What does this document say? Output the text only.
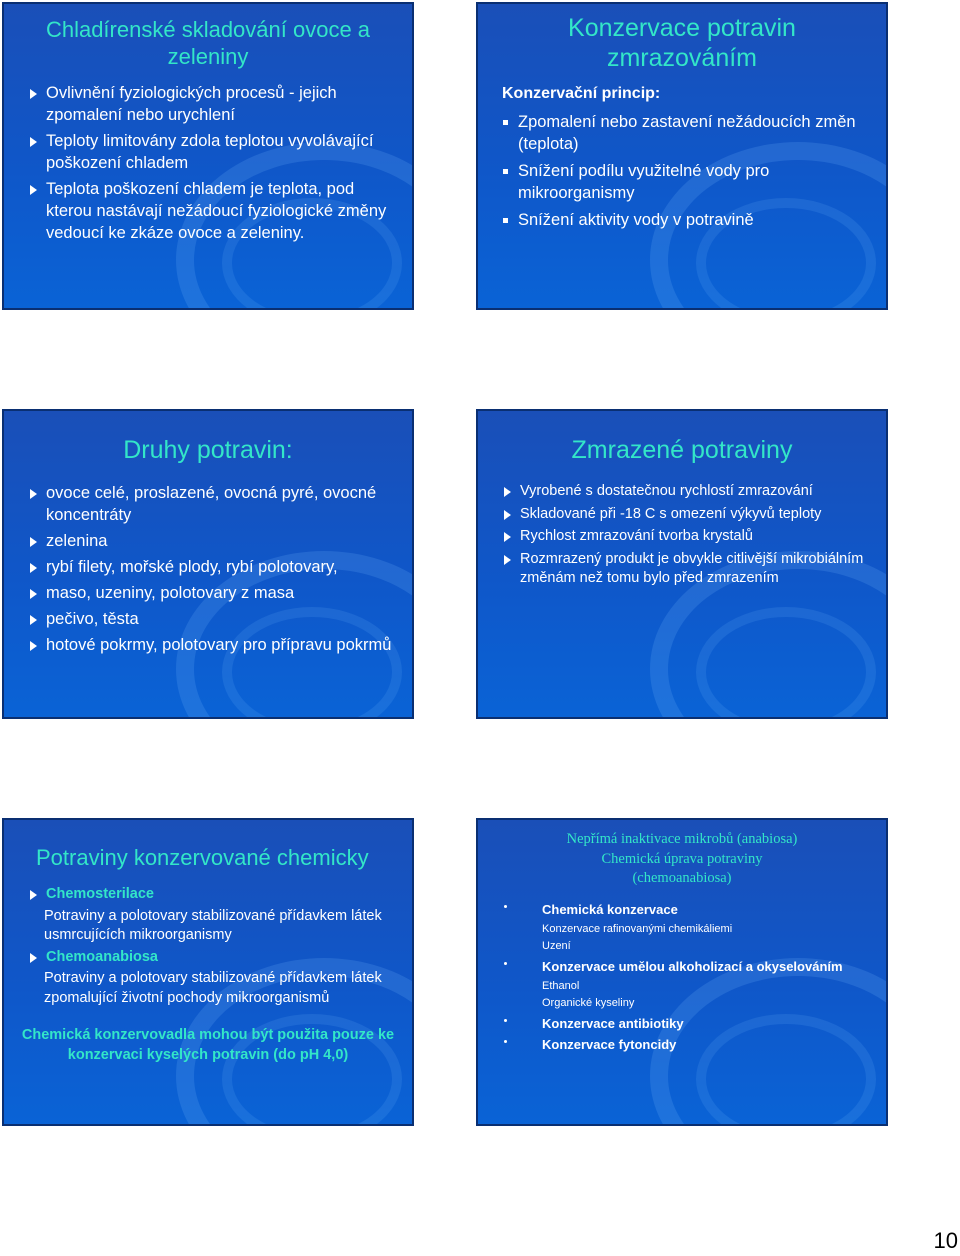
Chladírenské skladování ovoce a zeleniny
Ovlivnění fyziologických procesů - jejich zpomalení nebo urychlení
Teploty limitovány zdola teplotou vyvolávající poškození chladem
Teplota poškození chladem je teplota, pod kterou nastávají nežádoucí fyziologické změny vedoucí ke zkáze ovoce a zeleniny.
Konzervace potravin zmrazováním
Konzervační princip:
Zpomalení nebo zastavení nežádoucích změn (teplota)
Snížení podílu využitelné vody pro mikroorganismy
Snížení aktivity vody v potravině
Druhy potravin:
ovoce celé, proslazené, ovocná pyré, ovocné koncentráty
zelenina
rybí filety, mořské plody, rybí polotovary,
maso, uzeniny, polotovary z masa
pečivo, těsta
hotové pokrmy, polotovary pro přípravu pokrmů
Zmrazené potraviny
Vyrobené s dostatečnou rychlostí zmrazování
Skladované při -18 C s omezení výkyvů teploty
Rychlost zmrazování tvorba krystalů
Rozmrazený produkt je obvykle citlivější mikrobiálním změnám než tomu bylo před zmrazením
Potraviny konzervované chemicky
Chemosterilace
Potraviny a polotovary stabilizované přídavkem látek usmrcujících mikroorganismy
Chemoanabiosa
Potraviny a polotovary stabilizované přídavkem látek zpomalující životní pochody mikroorganismů
Chemická konzervovadla mohou být použita pouze ke konzervaci kyselých potravin (do pH 4,0)
Nepřímá inaktivace mikrobů (anabiosa)
Chemická úprava potraviny
(chemoanabiosa)
Chemická konzervace
Konzervace rafinovanými chemikáliemi
Uzení
Konzervace umělou alkoholizací a okyselováním
Ethanol
Organické kyseliny
Konzervace antibiotiky
Konzervace fytoncidy
10
